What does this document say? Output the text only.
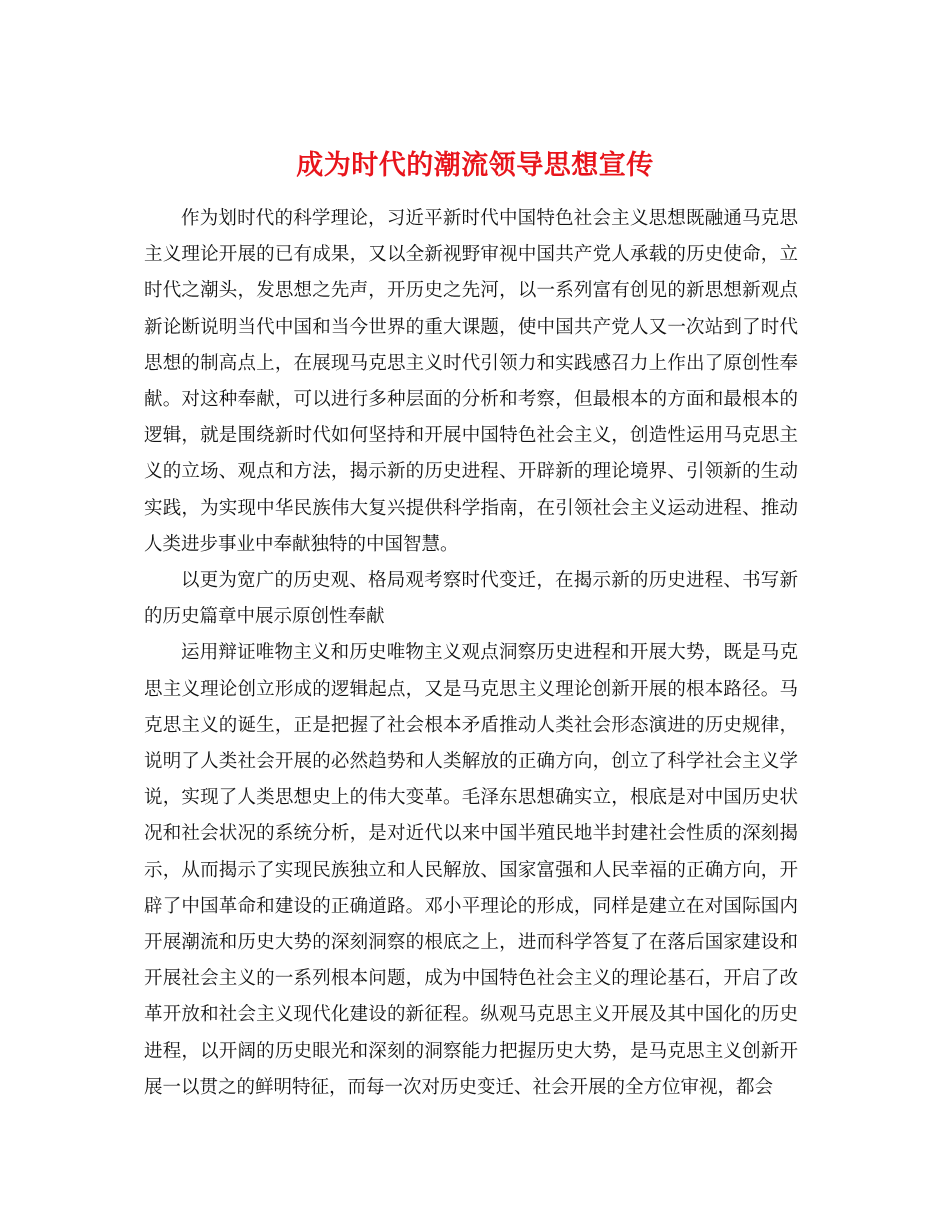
成为时代的潮流领导思想宣传

作为划时代的科学理论，习近平新时代中国特色社会主义思想既融通马克思主义理论开展的已有成果，又以全新视野审视中国共产党人承载的历史使命，立时代之潮头，发思想之先声，开历史之先河，以一系列富有创见的新思想新观点新论断说明当代中国和当今世界的重大课题，使中国共产党人又一次站到了时代思想的制高点上，在展现马克思主义时代引领力和实践感召力上作出了原创性奉献。对这种奉献，可以进行多种层面的分析和考察，但最根本的方面和最根本的逻辑，就是围绕新时代如何坚持和开展中国特色社会主义，创造性运用马克思主义的立场、观点和方法，揭示新的历史进程、开辟新的理论境界、引领新的生动实践，为实现中华民族伟大复兴提供科学指南，在引领社会主义运动进程、推动人类进步事业中奉献独特的中国智慧。

以更为宽广的历史观、格局观考察时代变迁，在揭示新的历史进程、书写新的历史篇章中展示原创性奉献

运用辩证唯物主义和历史唯物主义观点洞察历史进程和开展大势，既是马克思主义理论创立形成的逻辑起点，又是马克思主义理论创新开展的根本路径。马克思主义的诞生，正是把握了社会根本矛盾推动人类社会形态演进的历史规律，说明了人类社会开展的必然趋势和人类解放的正确方向，创立了科学社会主义学说，实现了人类思想史上的伟大变革。毛泽东思想确实立，根底是对中国历史状况和社会状况的系统分析，是对近代以来中国半殖民地半封建社会性质的深刻揭示，从而揭示了实现民族独立和人民解放、国家富强和人民幸福的正确方向，开辟了中国革命和建设的正确道路。邓小平理论的形成，同样是建立在对国际国内开展潮流和历史大势的深刻洞察的根底之上，进而科学答复了在落后国家建设和开展社会主义的一系列根本问题，成为中国特色社会主义的理论基石，开启了改革开放和社会主义现代化建设的新征程。纵观马克思主义开展及其中国化的历史进程，以开阔的历史眼光和深刻的洞察能力把握历史大势，是马克思主义创新开展一以贯之的鲜明特征，而每一次对历史变迁、社会开展的全方位审视，都会
